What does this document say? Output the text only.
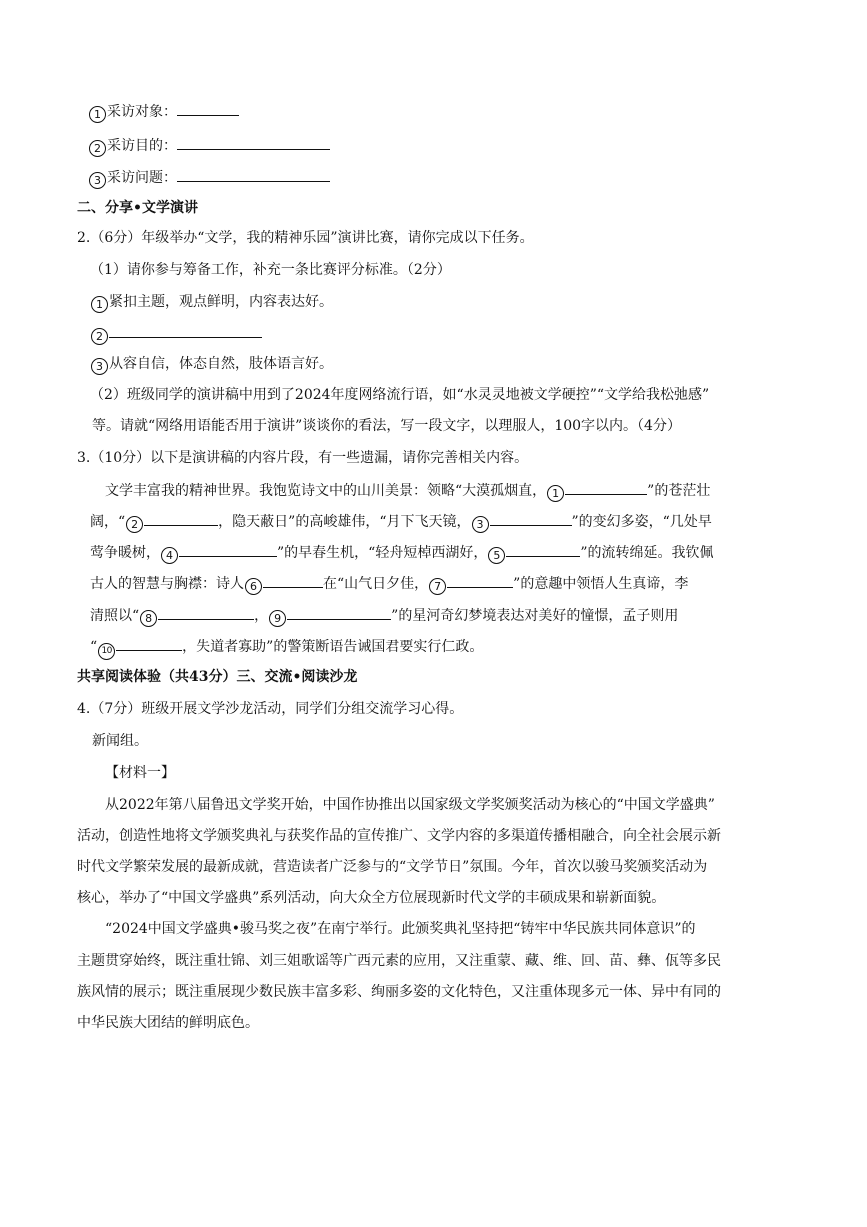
1 采访对象：
2 采访目的：
3 采访问题：
二、分享•文学演讲
2.（6分）年级举办“文学，我的精神乐园”演讲比赛，请你完成以下任务。
（1）请你参与筹备工作，补充一条比赛评分标准。（2分）
1 紧扣主题，观点鲜明，内容表达好。
2
3 从容自信，体态自然，肢体语言好。
（2）班级同学的演讲稿中用到了2024年度网络流行语，如“水灵灵地被文学硬控”“文学给我松弛感”
等。请就“网络用语能否用于演讲”谈谈你的看法，写一段文字，以理服人，100字以内。（4分）
3.（10分）以下是演讲稿的内容片段，有一些遗漏，请你完善相关内容。
文学丰富我的精神世界。我饱览诗文中的山川美景：领略“大漠孤烟直， 1	”的苍茫壮
阔，“ 2	，隐天蔽日”的高峻雄伟，“月下飞天镜， 3	”的变幻多姿，“几处早
莺争暖树， 4	”的早春生机，“轻舟短棹西湖好， 5	”的流转绵延。我钦佩
古人的智慧与胸襟：诗人 6	在“山气日夕佳， 7	”的意趣中领悟人生真谛，李
清照以“ 8	， 9	”的星河奇幻梦境表达对美好的憧憬，孟子则用
“ 10	，失道者寡助”的警策断语告诫国君要实行仁政。
共享阅读体验（共43分）三、交流•阅读沙龙
4.（7分）班级开展文学沙龙活动，同学们分组交流学习心得。
新闻组。
【材料一】
从2022年第八届鲁迅文学奖开始，中国作协推出以国家级文学奖颁奖活动为核心的“中国文学盛典”
活动，创造性地将文学颁奖典礼与获奖作品的宣传推广、文学内容的多渠道传播相融合，向全社会展示新
时代文学繁荣发展的最新成就，营造读者广泛参与的“文学节日”氛围。今年，首次以骏马奖颁奖活动为
核心，举办了“中国文学盛典”系列活动，向大众全方位展现新时代文学的丰硕成果和崭新面貌。
“2024中国文学盛典•骏马奖之夜”在南宁举行。此颁奖典礼坚持把“铸牢中华民族共同体意识”的
主题贯穿始终，既注重壮锦、刘三姐歌谣等广西元素的应用，又注重蒙、藏、维、回、苗、彝、佤等多民
族风情的展示；既注重展现少数民族丰富多彩、绚丽多姿的文化特色，又注重体现多元一体、异中有同的
中华民族大团结的鲜明底色。
